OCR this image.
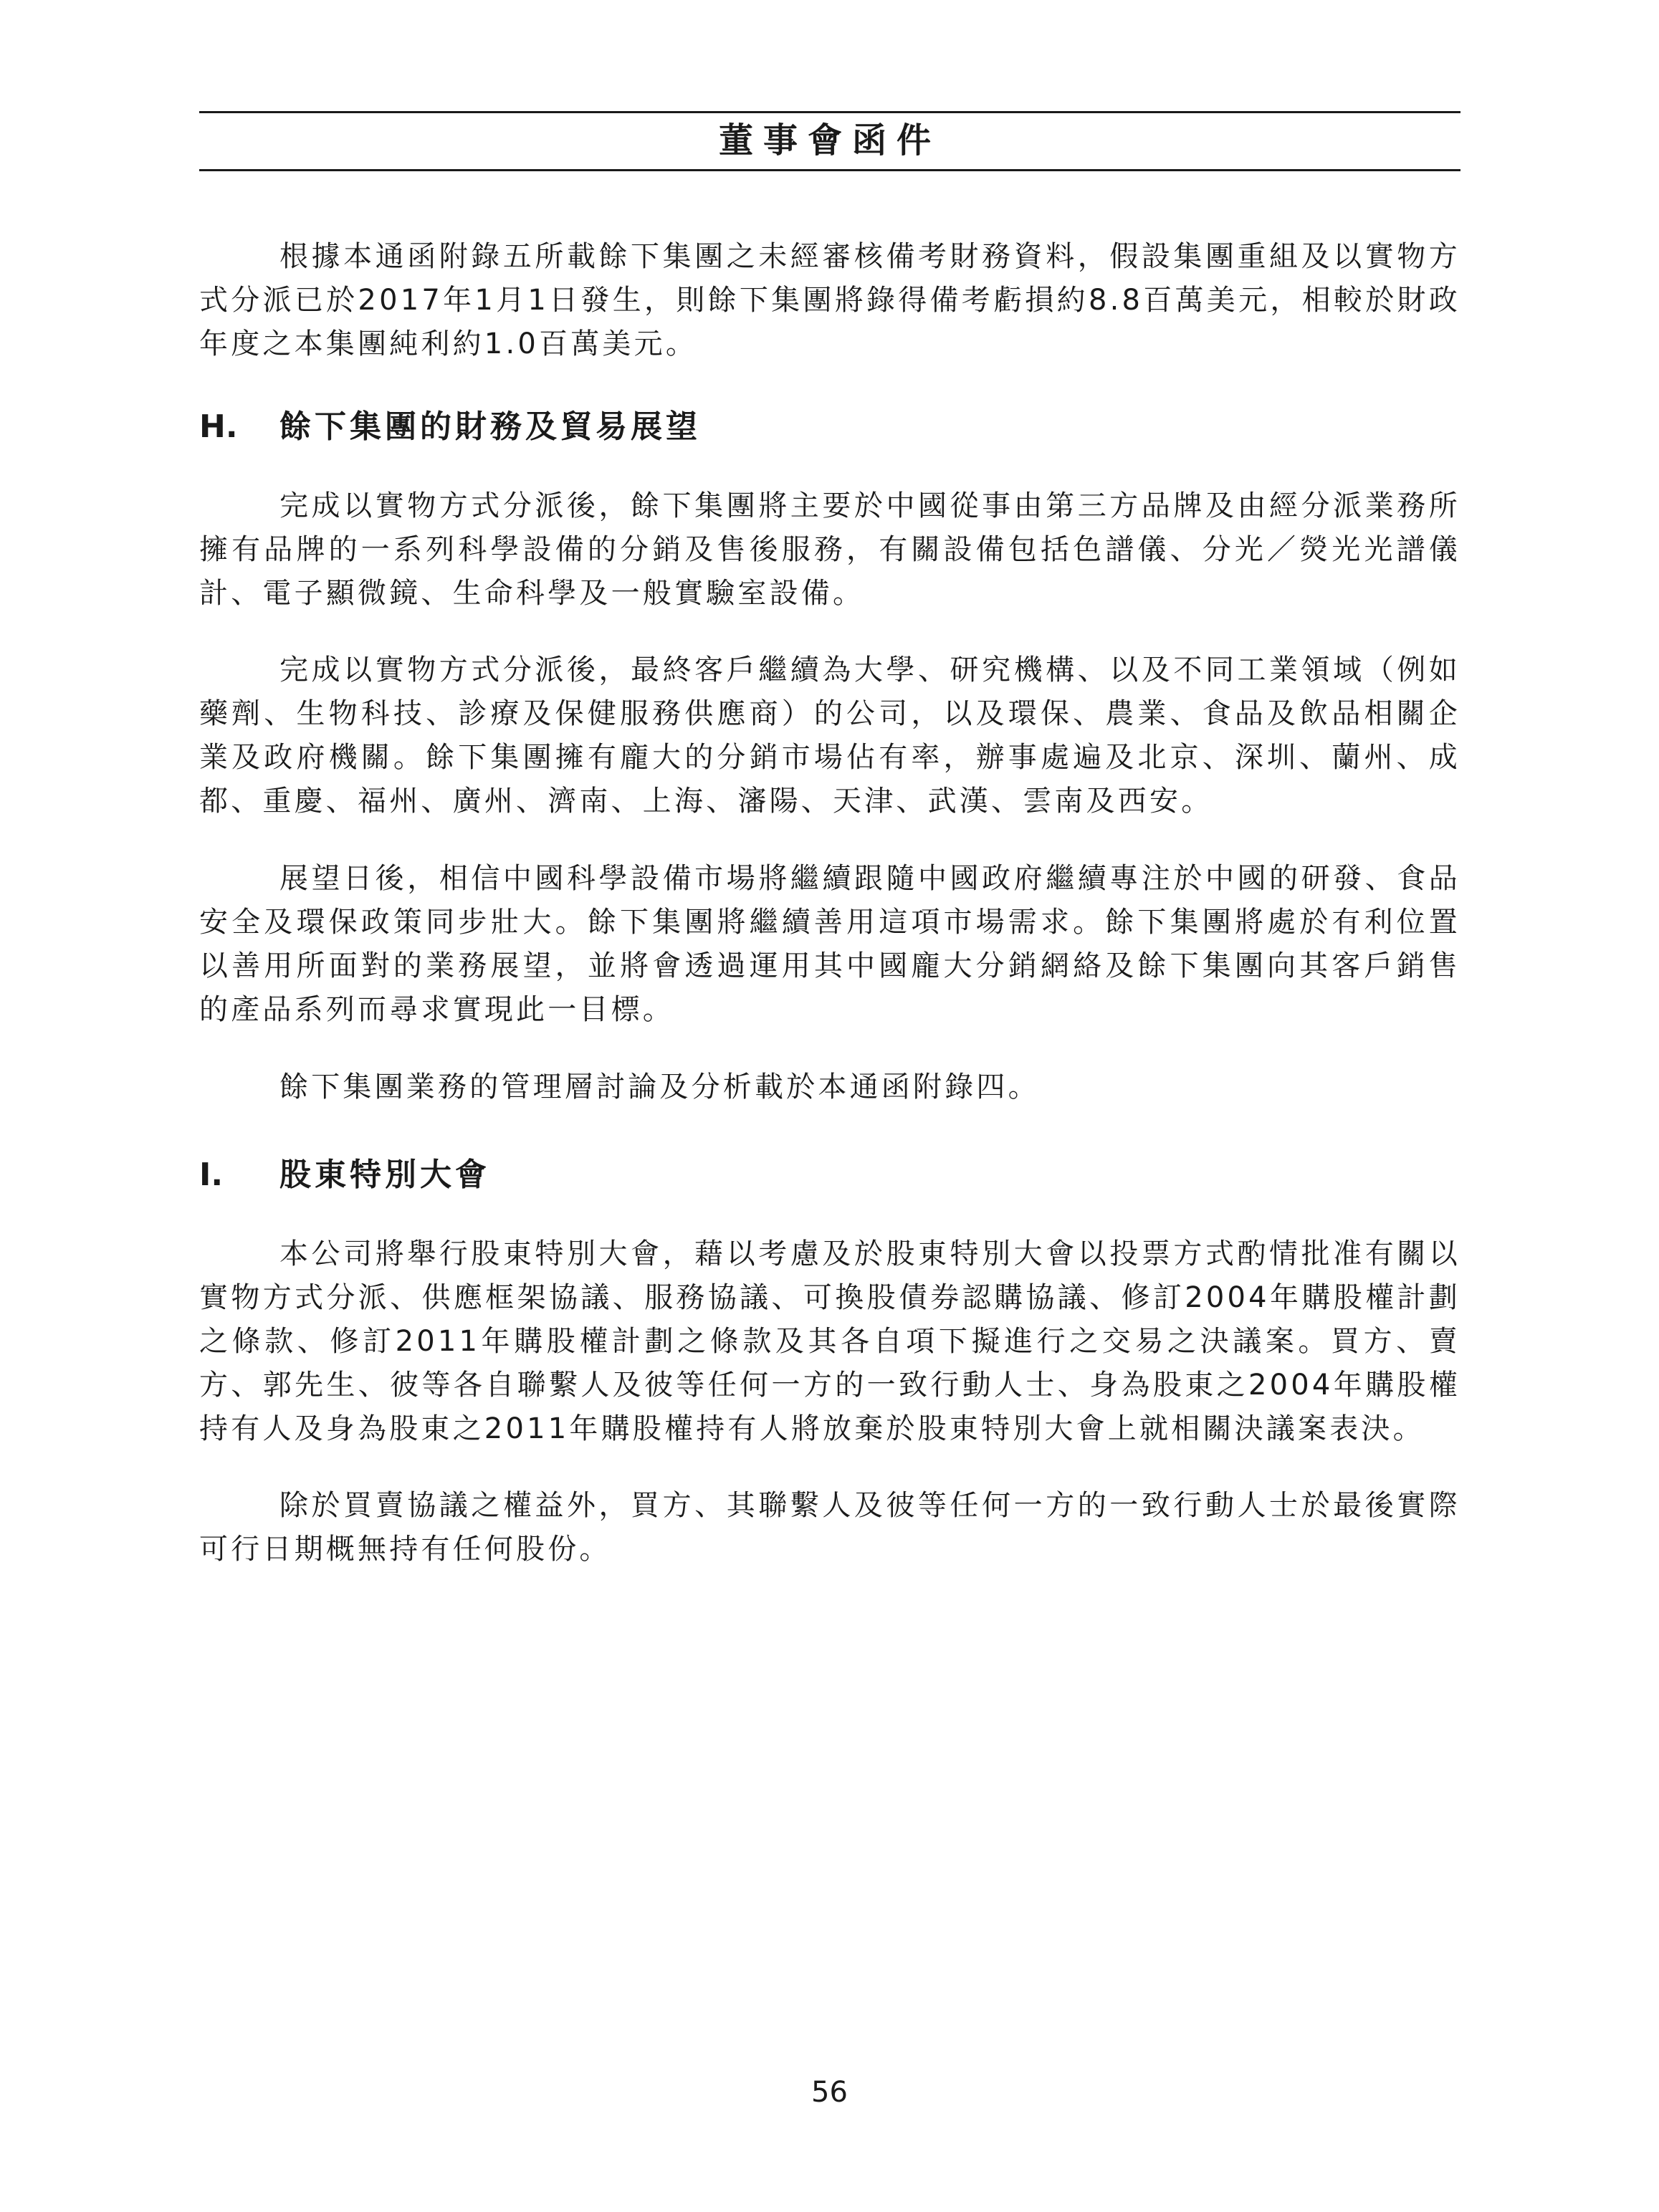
董事會函件

根據本通函附錄五所載餘下集團之未經審核備考財務資料，假設集團重組及以實物方式分派已於2017年1月1日發生，則餘下集團將錄得備考虧損約8.8百萬美元，相較於財政年度之本集團純利約1.0百萬美元。

H. 餘下集團的財務及貿易展望

完成以實物方式分派後，餘下集團將主要於中國從事由第三方品牌及由經分派業務所擁有品牌的一系列科學設備的分銷及售後服務，有關設備包括色譜儀、分光／熒光光譜儀計、電子顯微鏡、生命科學及一般實驗室設備。

完成以實物方式分派後，最終客戶繼續為大學、研究機構、以及不同工業領域（例如藥劑、生物科技、診療及保健服務供應商）的公司，以及環保、農業、食品及飲品相關企業及政府機關。餘下集團擁有龐大的分銷市場佔有率，辦事處遍及北京、深圳、蘭州、成都、重慶、福州、廣州、濟南、上海、瀋陽、天津、武漢、雲南及西安。

展望日後，相信中國科學設備市場將繼續跟隨中國政府繼續專注於中國的研發、食品安全及環保政策同步壯大。餘下集團將繼續善用這項市場需求。餘下集團將處於有利位置以善用所面對的業務展望，並將會透過運用其中國龐大分銷網絡及餘下集團向其客戶銷售的產品系列而尋求實現此一目標。

餘下集團業務的管理層討論及分析載於本通函附錄四。

I. 股東特別大會

本公司將舉行股東特別大會，藉以考慮及於股東特別大會以投票方式酌情批准有關以實物方式分派、供應框架協議、服務協議、可換股債券認購協議、修訂2004年購股權計劃之條款、修訂2011年購股權計劃之條款及其各自項下擬進行之交易之決議案。買方、賣方、郭先生、彼等各自聯繫人及彼等任何一方的一致行動人士、身為股東之2004年購股權持有人及身為股東之2011年購股權持有人將放棄於股東特別大會上就相關決議案表決。

除於買賣協議之權益外，買方、其聯繫人及彼等任何一方的一致行動人士於最後實際可行日期概無持有任何股份。

56
